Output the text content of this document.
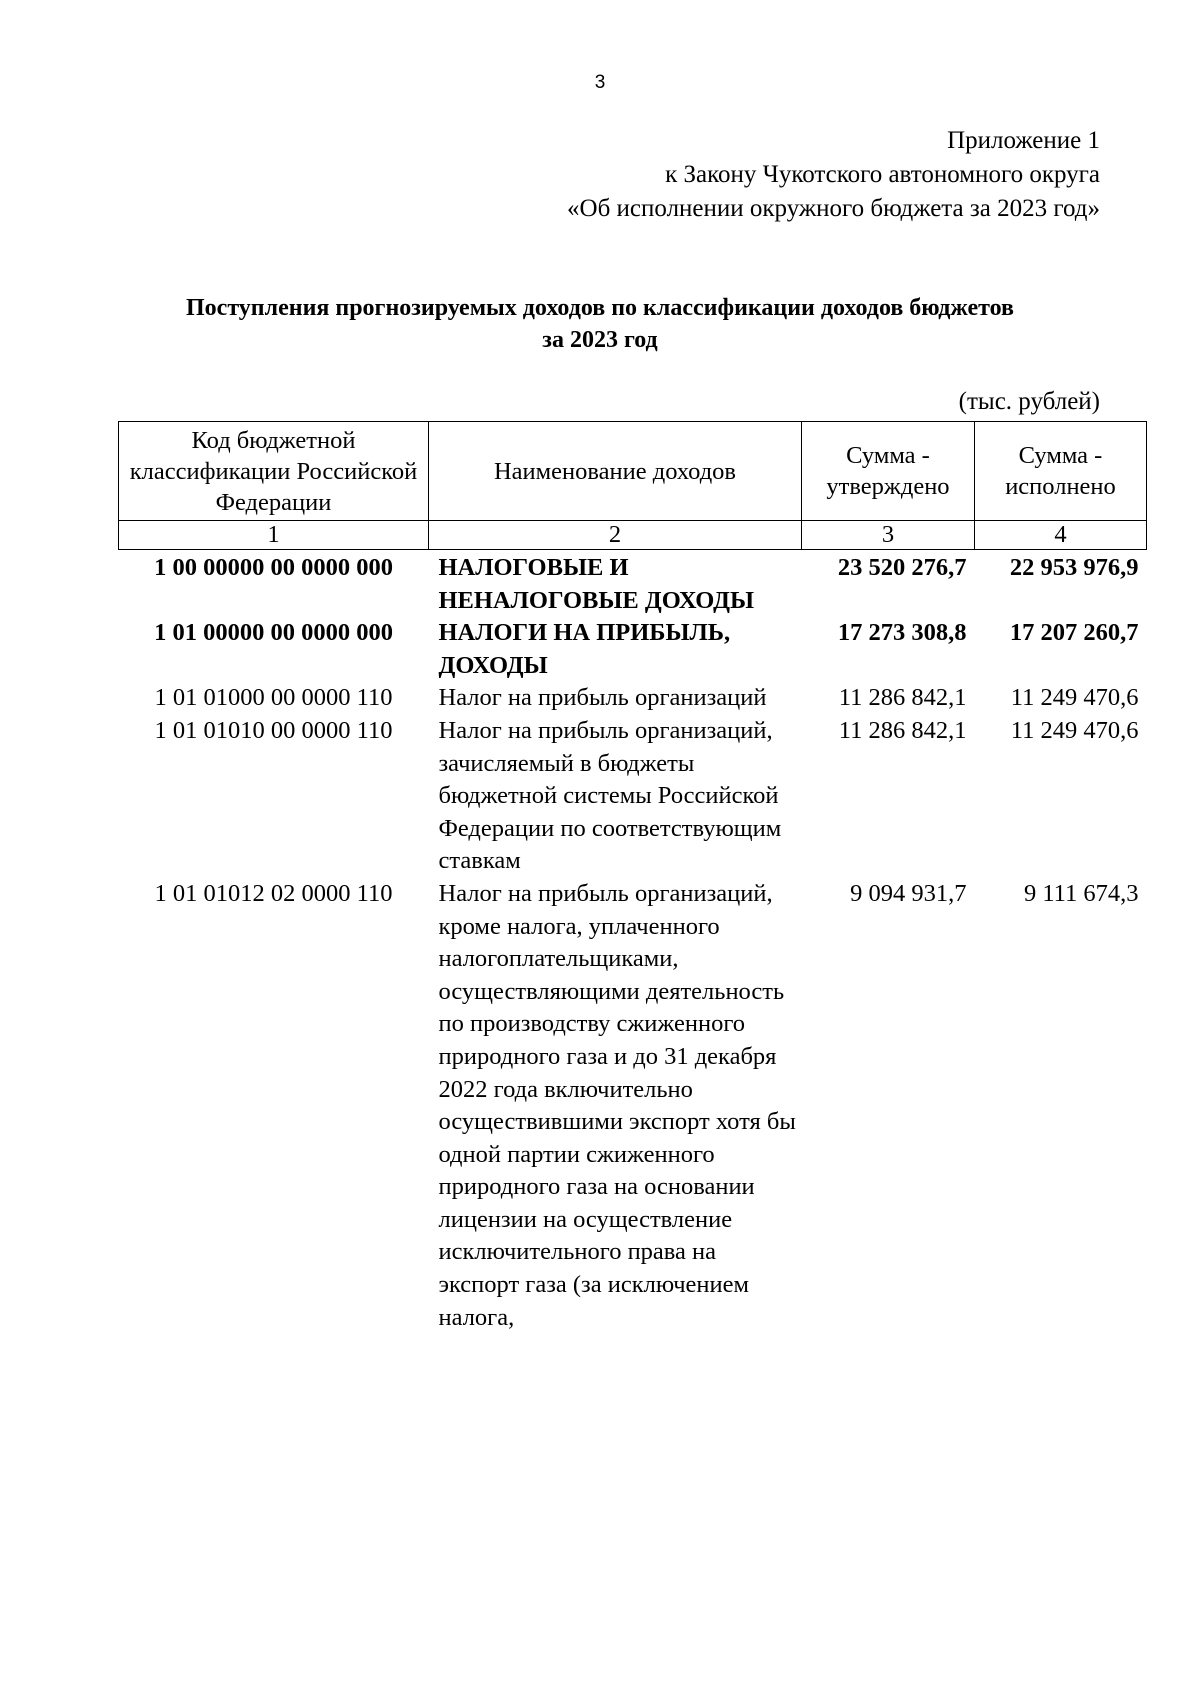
3
Приложение 1
к Закону Чукотского автономного округа
«Об исполнении окружного бюджета за 2023 год»
Поступления прогнозируемых доходов по классификации доходов бюджетов
за 2023 год
(тыс. рублей)
Код бюджетной классификации Российской Федерации	Наименование доходов	Сумма - утверждено	Сумма - исполнено
1	2	3	4
1 00 00000 00 0000 000	НАЛОГОВЫЕ И НЕНАЛОГОВЫЕ ДОХОДЫ	23 520 276,7	22 953 976,9
1 01 00000 00 0000 000	НАЛОГИ НА ПРИБЫЛЬ, ДОХОДЫ	17 273 308,8	17 207 260,7
1 01 01000 00 0000 110	Налог на прибыль организаций	11 286 842,1	11 249 470,6
1 01 01010 00 0000 110	Налог на прибыль организаций, зачисляемый в бюджеты бюджетной системы Российской Федерации по соответствующим ставкам	11 286 842,1	11 249 470,6
1 01 01012 02 0000 110	Налог на прибыль организаций, кроме налога, уплаченного налогоплательщиками, осуществляющими деятельность по производству сжиженного природного газа и до 31 декабря 2022 года включительно осуществившими экспорт хотя бы одной партии сжиженного природного газа на основании лицензии на осуществление исключительного права на экспорт газа (за исключением налога,	9 094 931,7	9 111 674,3
